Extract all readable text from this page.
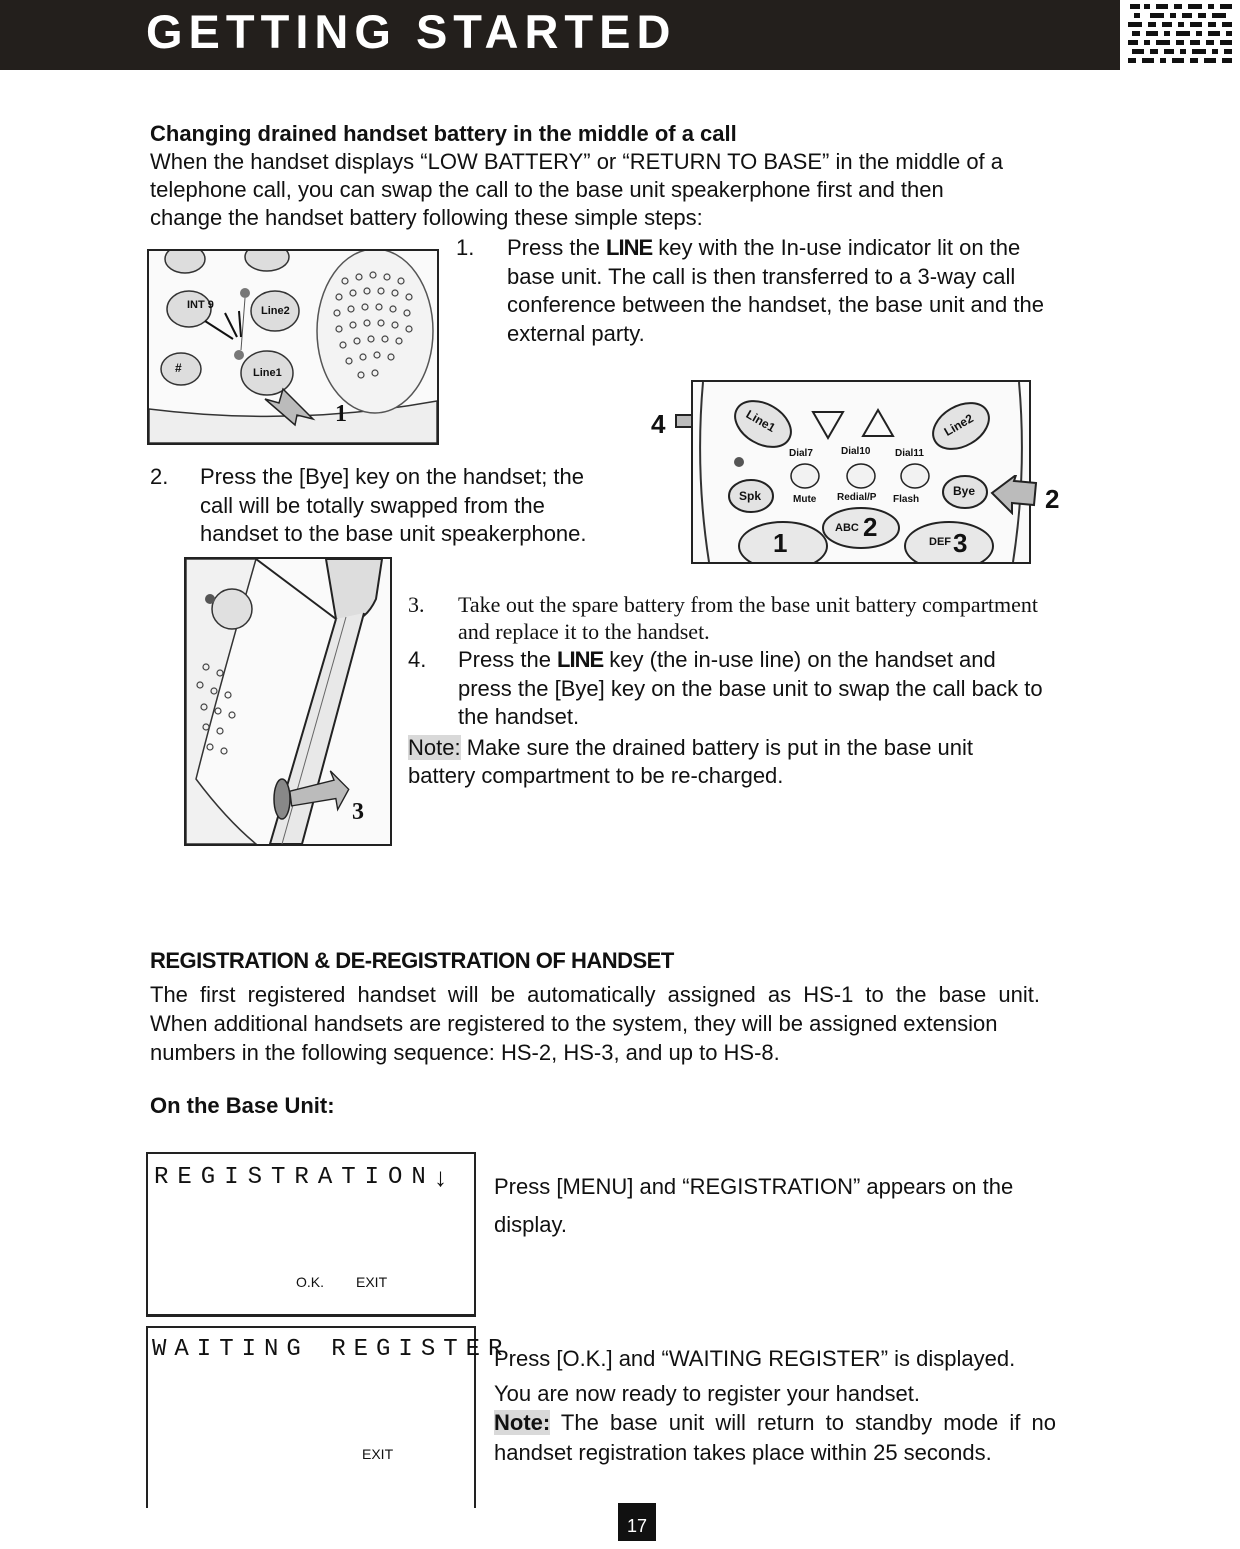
GETTING STARTED
Changing drained handset battery in the middle of a call
When the handset displays “LOW BATTERY” or “RETURN TO BASE” in the middle of a
telephone call, you can swap the call to the base unit speakerphone first and then
change the handset battery following these simple steps:
INT 9	Line2
Line1
#
1
1. Press the LINE key with the In-use indicator lit on the
base unit. The call is then transferred to a 3-way call
conference between the handset, the base unit and the
external party.
4	Line1	Line2
Dial7	Dial10 Dial11
Spk	Mute Redial/P Flash
Bye
1	ABC 2	DEF 3
2
2. Press the [Bye] key on the handset; the
call will be totally swapped from the
handset to the base unit speakerphone.
3
3. Take out the spare battery from the base unit battery compartment
and replace it to the handset.
4. Press the LINE key (the in-use line) on the handset and
press the [Bye] key on the base unit to swap the call back to
the handset.
Note: Make sure the drained battery is put in the base unit
battery compartment to be re-charged.
REGISTRATION & DE-REGISTRATION OF HANDSET
The first registered handset will be automatically assigned as HS-1 to the base unit.
When additional handsets are registered to the system, they will be assigned extension
numbers in the following sequence: HS-2, HS-3, and up to HS-8.
On the Base Unit:
REGISTRATION ↓
O.K. EXIT
Press [MENU] and “REGISTRATION” appears on the
display.
WAITING REGISTER
EXIT
Press [O.K.] and “WAITING REGISTER” is displayed.
You are now ready to register your handset.
Note: The base unit will return to standby mode if no
handset registration takes place within 25 seconds.
17
